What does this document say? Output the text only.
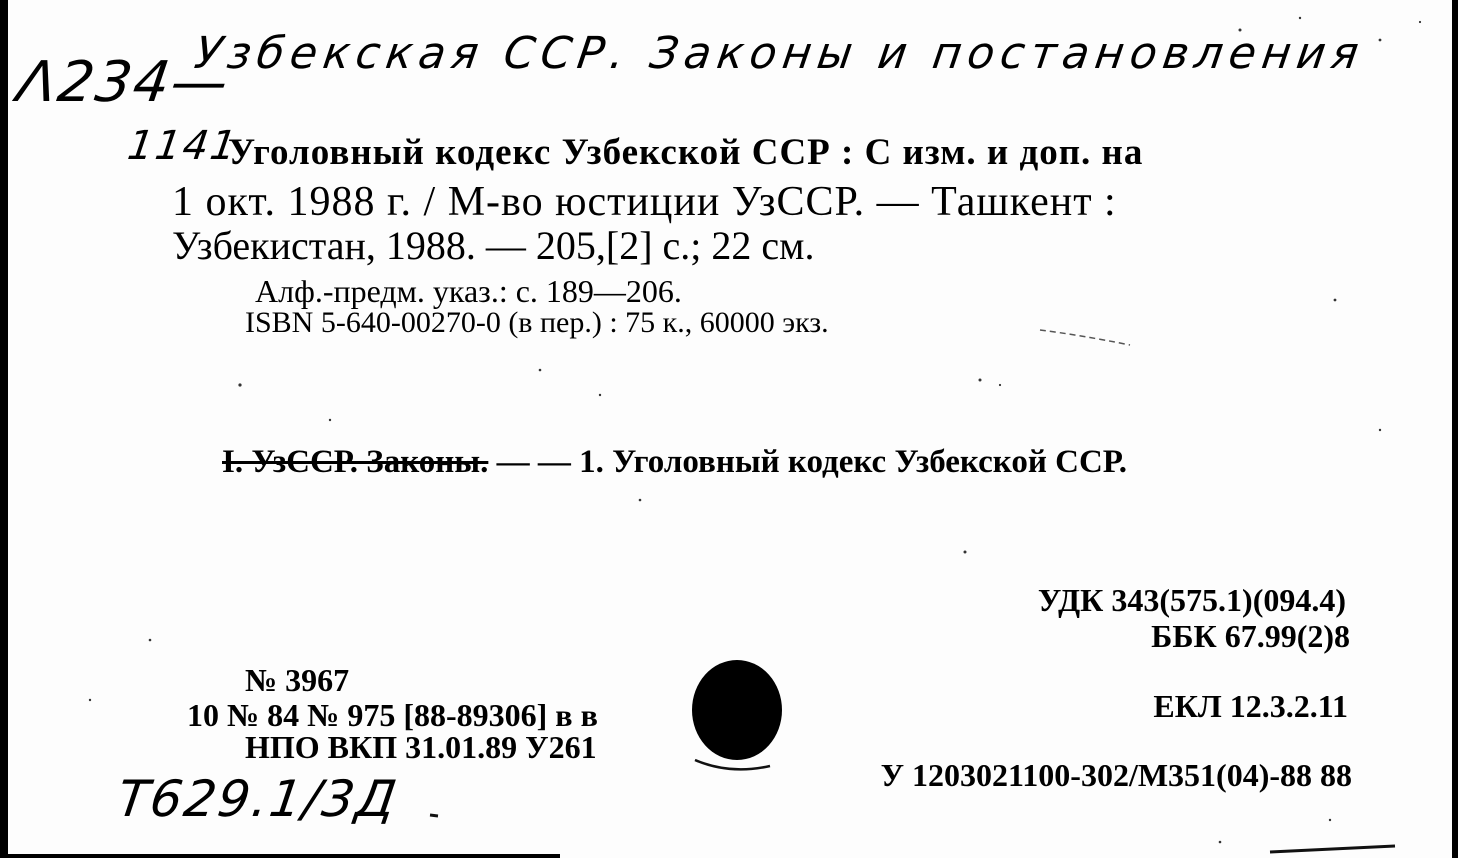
Узбекская ССР. Законы и постановления
Λ234—
1141
Уголовный кодекс Узбекской ССР : С изм. и доп. на
1 окт. 1988 г. / М-во юстиции УзССР. — Ташкент :
Узбекистан, 1988. — 205,[2] с.; 22 см.
Алф.-предм. указ.: с. 189—206.
ISBN 5-640-00270-0 (в пер.) : 75 к., 60000 экз.
I. УзССР. Законы. — — 1. Уголовный кодекс Узбекской ССР.
УДК 343(575.1)(094.4)
ББК 67.99(2)8
ЕКЛ 12.3.2.11
У 1203021100-302/М351(04)-88 88
№ 3967
10 № 84 № 975 [88-89306] в в
НПО ВКП 31.01.89 У261
Т629.1/3Д
